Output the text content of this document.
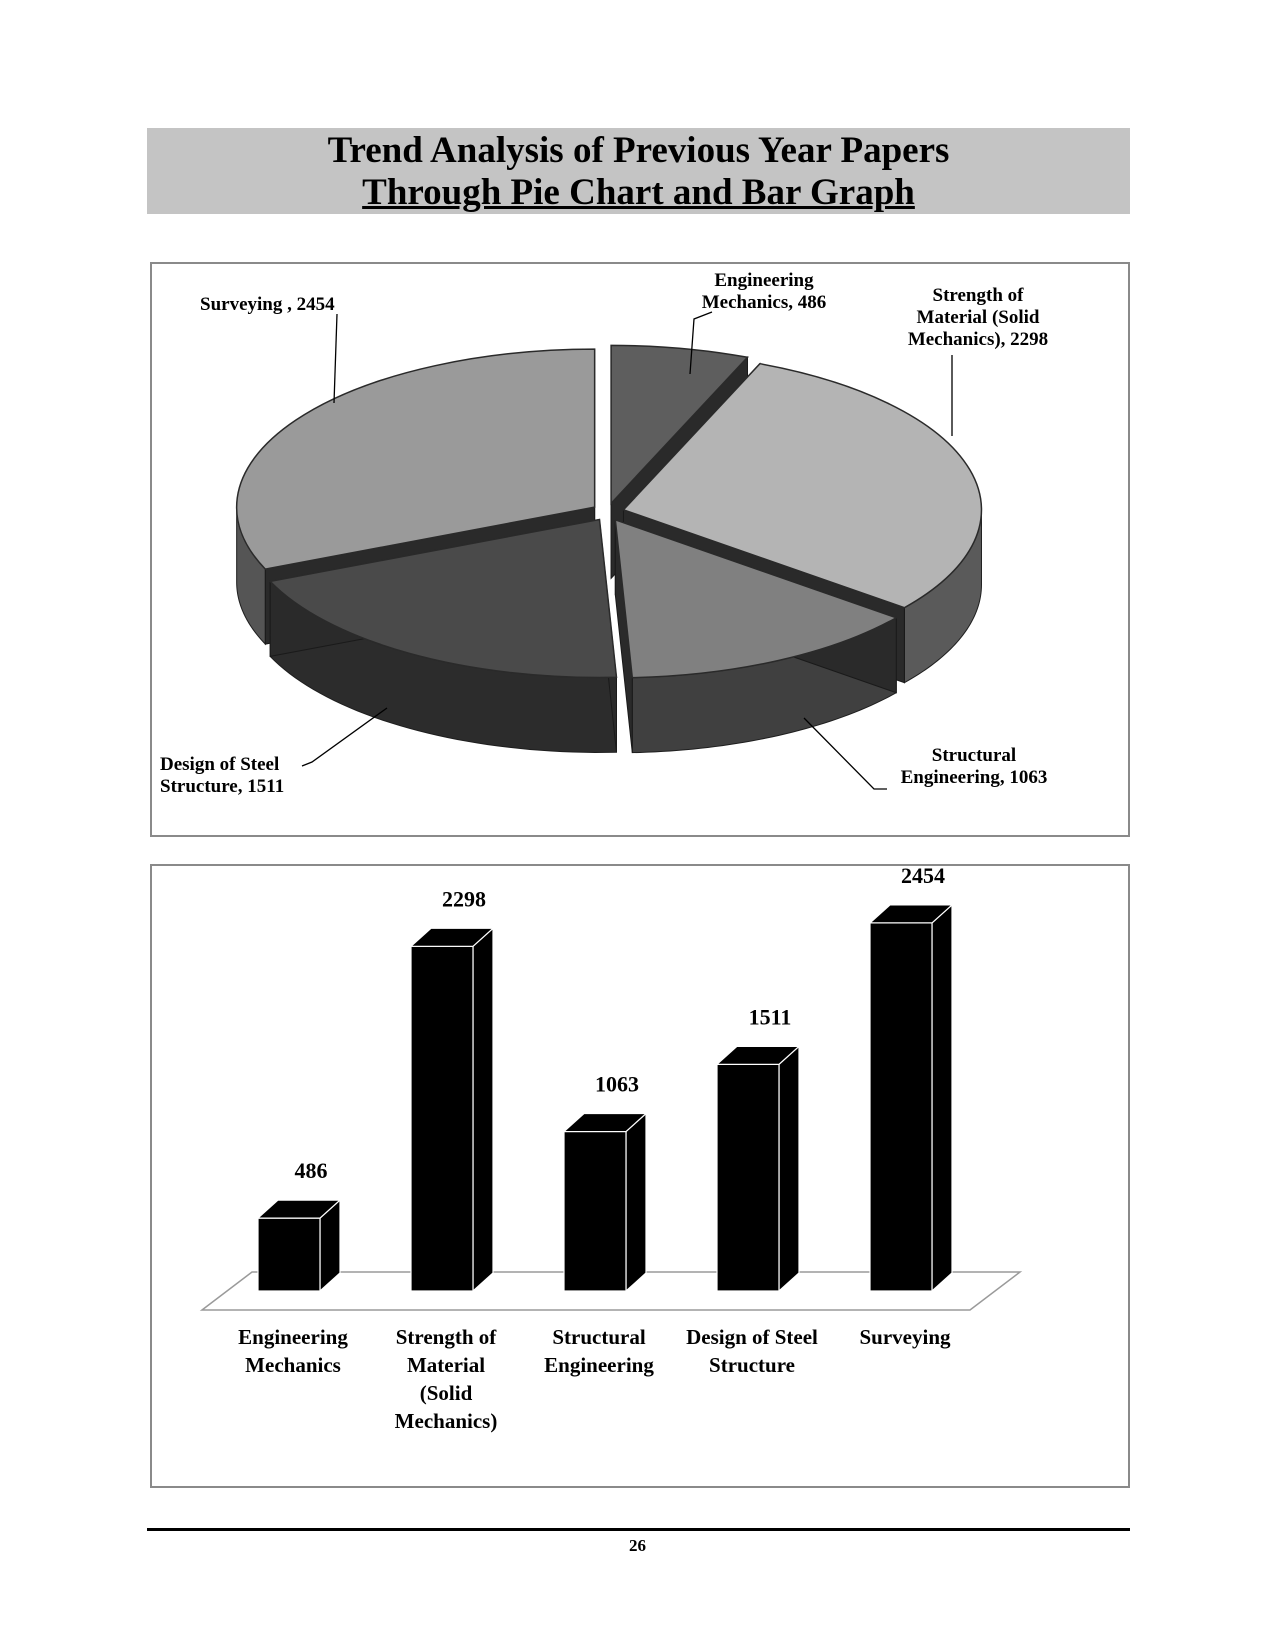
Trend Analysis of Previous Year Papers
Through Pie Chart and Bar Graph
Engineering
Mechanics, 486	Strength of
Material (Solid
Mechanics), 2298
Structural
Engineering, 1063
Design of Steel
Structure, 1511
Surveying , 2454
486
Engineering
Mechanics
2298
Strength of
Material
(Solid
Mechanics)
1063
Structural
Engineering
1511
Design of Steel
Structure
2454
Surveying
26
